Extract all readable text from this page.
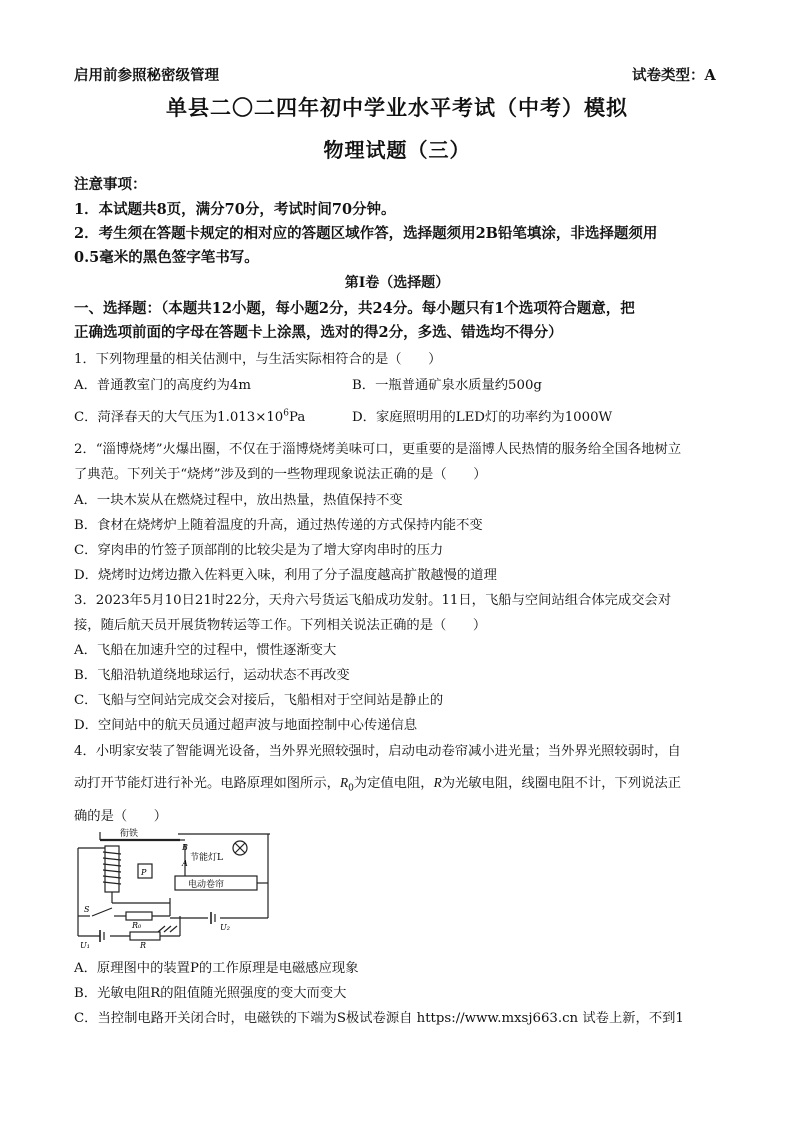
启用前参照秘密级管理	试卷类型：A
单县二〇二四年初中学业水平考试（中考）模拟
物理试题（三）
注意事项：
1．本试题共8页，满分70分，考试时间70分钟。
2．考生须在答题卡规定的相对应的答题区域作答，选择题须用2B铅笔填涂，非选择题须用
0.5毫米的黑色签字笔书写。
第Ⅰ卷（选择题）
一、选择题：（本题共12小题，每小题2分，共24分。每小题只有1个选项符合题意，把
正确选项前面的字母在答题卡上涂黑，选对的得2分，多选、错选均不得分）
1．下列物理量的相关估测中，与生活实际相符合的是（　　）
A．普通教室门的高度约为4m	B．一瓶普通矿泉水质量约500g
C．菏泽春天的大气压为$1.013\times 10^6Pa$	D．家庭照明用的LED灯的功率约为1000W
2．“淄博烧烤”火爆出圈，不仅在于淄博烧烤美味可口，更重要的是淄博人民热情的服务给全国各地树立
了典范。下列关于“烧烤”涉及到的一些物理现象说法正确的是（　　）
A．一块木炭从在燃烧过程中，放出热量，热值保持不变
B．食材在烧烤炉上随着温度的升高，通过热传递的方式保持内能不变
C．穿肉串的竹签子顶部削的比较尖是为了增大穿肉串时的压力
D．烧烤时边烤边撒入佐料更入味，利用了分子温度越高扩散越慢的道理
3．2023年5月10日21时22分，天舟六号货运飞船成功发射。11日，飞船与空间站组合体完成交会对
接，随后航天员开展货物转运等工作。下列相关说法正确的是（　　）
A．飞船在加速升空的过程中，惯性逐渐变大
B．飞船沿轨道绕地球运行，运动状态不再改变
C．飞船与空间站完成交会对接后，飞船相对于空间站是静止的
D．空间站中的航天员通过超声波与地面控制中心传递信息
4．小明家安装了智能调光设备，当外界光照较强时，启动电动卷帘减小进光量；当外界光照较弱时，自
动打开节能灯进行补光。电路原理如图所示，$R_0$为定值电阻，R为光敏电阻，线圈电阻不计，下列说法正
确的是（　　）
衔铁
B
A
节能灯L
电动卷帘
P
S
R₀
R
U₁
U₂
A．原理图中的装置P的工作原理是电磁感应现象
B．光敏电阻R的阻值随光照强度的变大而变大
C．当控制电路开关闭合时，电磁铁的下端为S极试卷源自 https://www.mxsj663.cn 试卷上新，不到1
